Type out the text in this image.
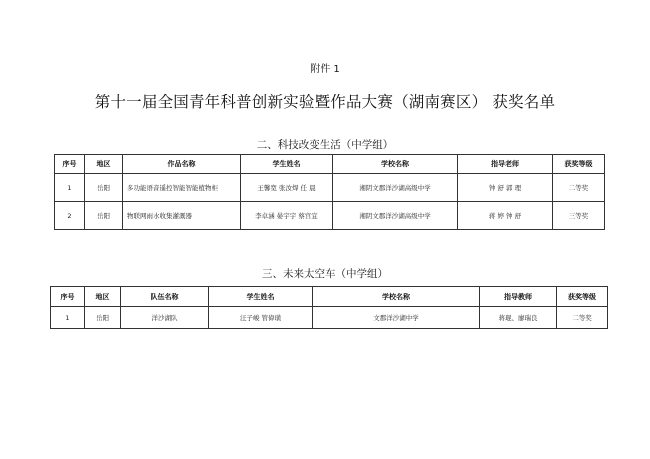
附件 1
第十一届全国青年科普创新实验暨作品大赛（湖南赛区） 获奖名单
二、科技改变生活（中学组）
序号	地区	作品名称	学生姓名	学校名称	指导老师	获奖等级
1	岳阳	多功能语音遥控智能智能植物柜	王馨宽 张汝焊 任 晨	湘阴文郡洋沙湖高级中学	钟 舒 郭 理	二等奖
2	岳阳	物联网雨水收集灌溉器	李卓涵 晏宇宇 蔡宫宜	湘阴文郡洋沙湖高级中学	蒋 婷 钟 舒	三等奖
三、未来太空车（中学组）
序号	地区	队伍名称	学生姓名	学校名称	指导教师	获奖等级
1	岳阳	洋沙湖队	汪子峻 管偉璜	文郡洋沙湖中学	蒋琨、廖瑞良	二等奖
